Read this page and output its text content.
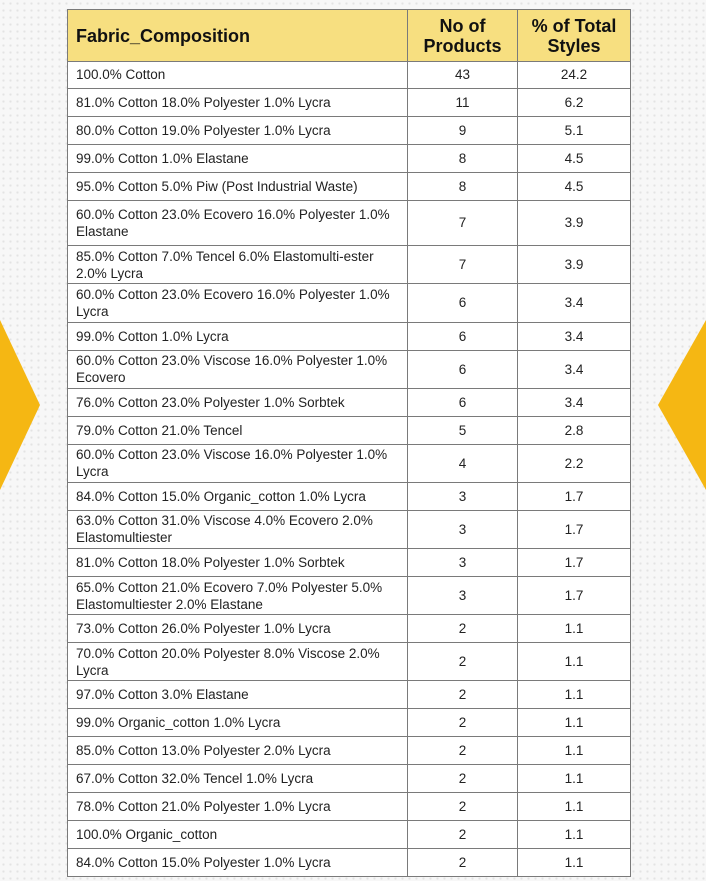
Fabric_Composition	No of Products	% of Total Styles
100.0% Cotton	43	24.2
81.0% Cotton 18.0% Polyester 1.0% Lycra	11	6.2
80.0% Cotton 19.0% Polyester 1.0% Lycra	9	5.1
99.0% Cotton 1.0% Elastane	8	4.5
95.0% Cotton 5.0% Piw (Post Industrial Waste)	8	4.5
60.0% Cotton 23.0% Ecovero 16.0% Polyester 1.0% Elastane	7	3.9
85.0% Cotton 7.0% Tencel 6.0% Elastomulti-ester 2.0% Lycra	7	3.9
60.0% Cotton 23.0% Ecovero 16.0% Polyester 1.0% Lycra	6	3.4
99.0% Cotton 1.0% Lycra	6	3.4
60.0% Cotton 23.0% Viscose 16.0% Polyester 1.0% Ecovero	6	3.4
76.0% Cotton 23.0% Polyester 1.0% Sorbtek	6	3.4
79.0% Cotton 21.0% Tencel	5	2.8
60.0% Cotton 23.0% Viscose 16.0% Polyester 1.0% Lycra	4	2.2
84.0% Cotton 15.0% Organic_cotton 1.0% Lycra	3	1.7
63.0% Cotton 31.0% Viscose 4.0% Ecovero 2.0% Elastomultiester	3	1.7
81.0% Cotton 18.0% Polyester 1.0% Sorbtek	3	1.7
65.0% Cotton 21.0% Ecovero 7.0% Polyester 5.0% Elastomultiester 2.0% Elastane	3	1.7
73.0% Cotton 26.0% Polyester 1.0% Lycra	2	1.1
70.0% Cotton 20.0% Polyester 8.0% Viscose 2.0% Lycra	2	1.1
97.0% Cotton 3.0% Elastane	2	1.1
99.0% Organic_cotton 1.0% Lycra	2	1.1
85.0% Cotton 13.0% Polyester 2.0% Lycra	2	1.1
67.0% Cotton 32.0% Tencel 1.0% Lycra	2	1.1
78.0% Cotton 21.0% Polyester 1.0% Lycra	2	1.1
100.0% Organic_cotton	2	1.1
84.0% Cotton 15.0% Polyester 1.0% Lycra	2	1.1
